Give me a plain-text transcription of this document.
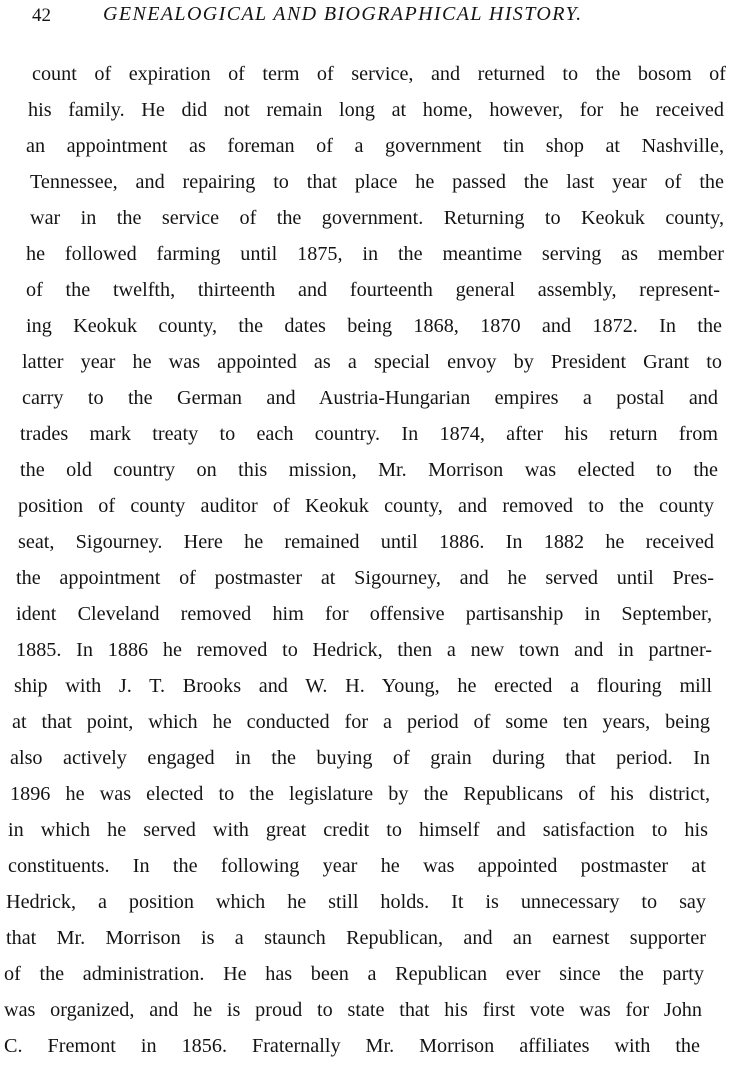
42	GENEALOGICAL AND BIOGRAPHICAL HISTORY.
count of expiration of term of service, and returned to the bosom of
his family. He did not remain long at home, however, for he received
an appointment as foreman of a government tin shop at Nashville,
Tennessee, and repairing to that place he passed the last year of the
war in the service of the government. Returning to Keokuk county,
he followed farming until 1875, in the meantime serving as member
of the twelfth, thirteenth and fourteenth general assembly, represent-
ing Keokuk county, the dates being 1868, 1870 and 1872. In the
latter year he was appointed as a special envoy by President Grant to
carry to the German and Austria-Hungarian empires a postal and
trades mark treaty to each country. In 1874, after his return from
the old country on this mission, Mr. Morrison was elected to the
position of county auditor of Keokuk county, and removed to the county
seat, Sigourney. Here he remained until 1886. In 1882 he received
the appointment of postmaster at Sigourney, and he served until Pres-
ident Cleveland removed him for offensive partisanship in September,
1885. In 1886 he removed to Hedrick, then a new town and in partner-
ship with J. T. Brooks and W. H. Young, he erected a flouring mill
at that point, which he conducted for a period of some ten years, being
also actively engaged in the buying of grain during that period. In
1896 he was elected to the legislature by the Republicans of his district,
in which he served with great credit to himself and satisfaction to his
constituents. In the following year he was appointed postmaster at
Hedrick, a position which he still holds. It is unnecessary to say
that Mr. Morrison is a staunch Republican, and an earnest supporter
of the administration. He has been a Republican ever since the party
was organized, and he is proud to state that his first vote was for John
C. Fremont in 1856. Fraternally Mr. Morrison affiliates with the
